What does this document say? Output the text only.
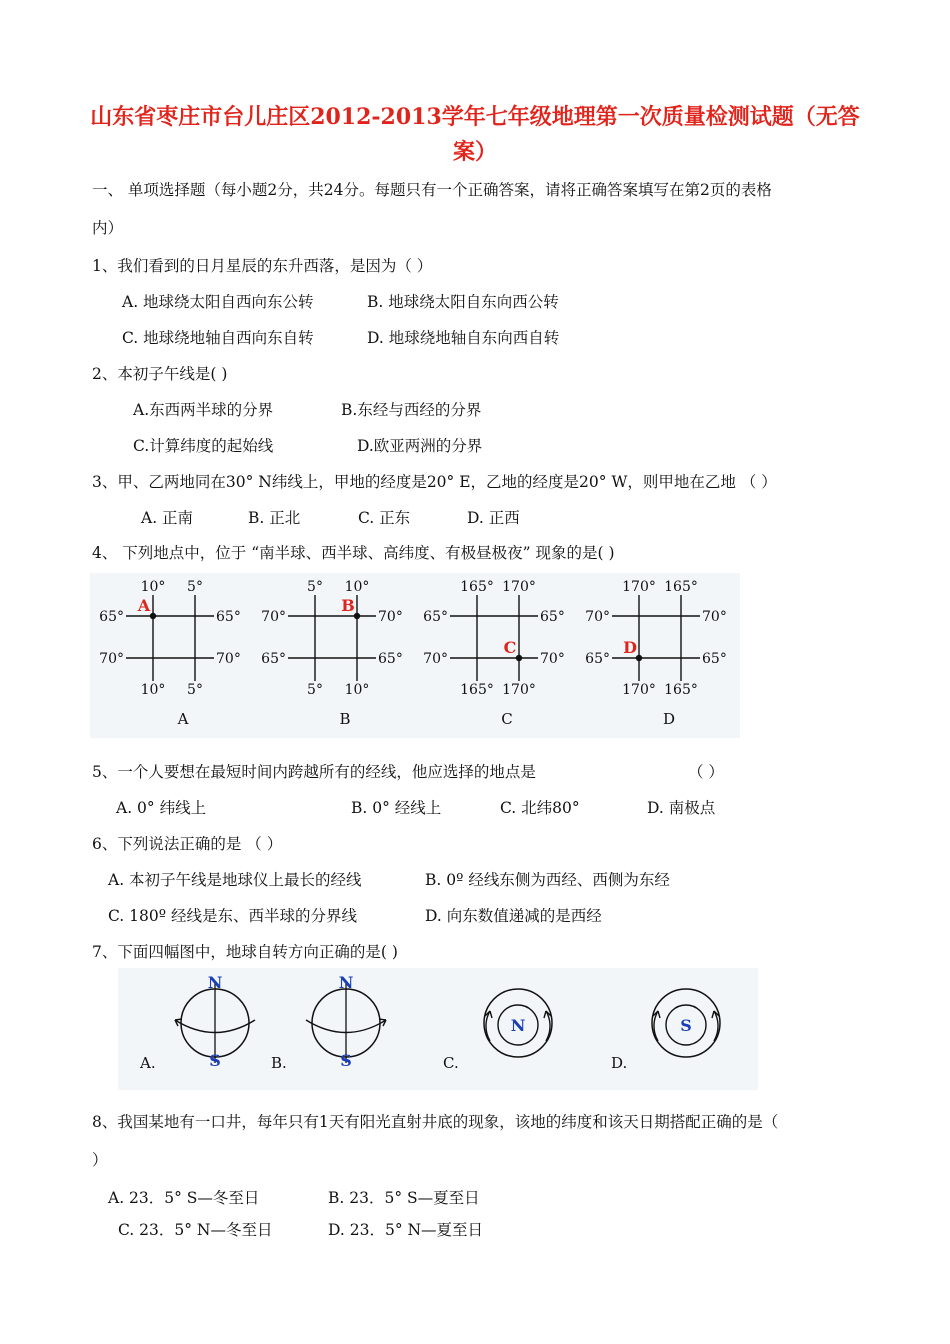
山东省枣庄市台儿庄区2012-2013学年七年级地理第一次质量检测试题（无答
案）
一、 单项选择题（每小题2分，共24分。每题只有一个正确答案，请将正确答案填写在第2页的表格
内）
1、我们看到的日月星辰的东升西落，是因为（ ）
A. 地球绕太阳自西向东公转	B. 地球绕太阳自东向西公转
C. 地球绕地轴自西向东自转	D. 地球绕地轴自东向西自转
2、本初子午线是( )
A.东西两半球的分界	B.东经与西经的分界
C.计算纬度的起始线	D.欧亚两洲的分界
3、甲、乙两地同在30° N纬线上，甲地的经度是20° E，乙地的经度是20° W，则甲地在乙地 （ ）
A. 正南	B. 正北	C. 正东	D. 正西
4、 下列地点中，位于 “南半球、西半球、高纬度、有极昼极夜” 现象的是( )
10° 5°
10° 5°
65°	65°
70°	70°
A
A
5° 10°
5° 10°
70°	70°
65°	65°
B
B
165° 170°
165° 170°
65°	65°
70°	70°
C
C
170° 165°
170° 165°
70°	70°
65°	65°
D
D
5、一个人要想在最短时间内跨越所有的经线，他应选择的地点是	（ ）
A. 0° 纬线上	B. 0° 经线上	C. 北纬80°	D. 南极点
6、下列说法正确的是 （ ）
A. 本初子午线是地球仪上最长的经线	B. 0º 经线东侧为西经、西侧为东经
C. 180º 经线是东、西半球的分界线	D. 向东数值递减的是西经
7、下面四幅图中，地球自转方向正确的是( )
A.
N
S	B.
N
S	C.
N
D.
S
8、我国某地有一口井，每年只有1天有阳光直射井底的现象，该地的纬度和该天日期搭配正确的是（
）
A. 23．5° S—冬至日	B. 23．5° S—夏至日
C. 23．5° N—冬至日	D. 23．5° N—夏至日
